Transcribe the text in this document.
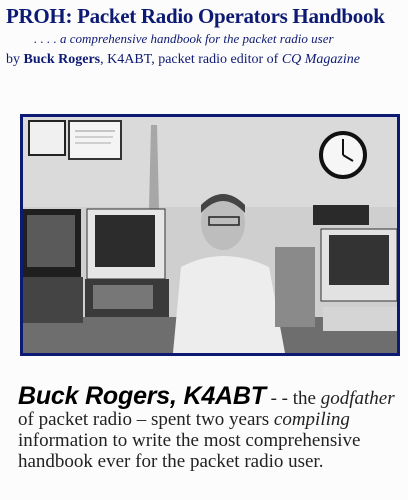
PROH: Packet Radio Operators Handbook
. . . . a comprehensive handbook for the packet radio user
by Buck Rogers, K4ABT, packet radio editor of CQ Magazine
Buck Rogers, K4ABT - - the godfather of packet radio – spent two years compiling information to write the most comprehensive handbook ever for the packet radio user.
